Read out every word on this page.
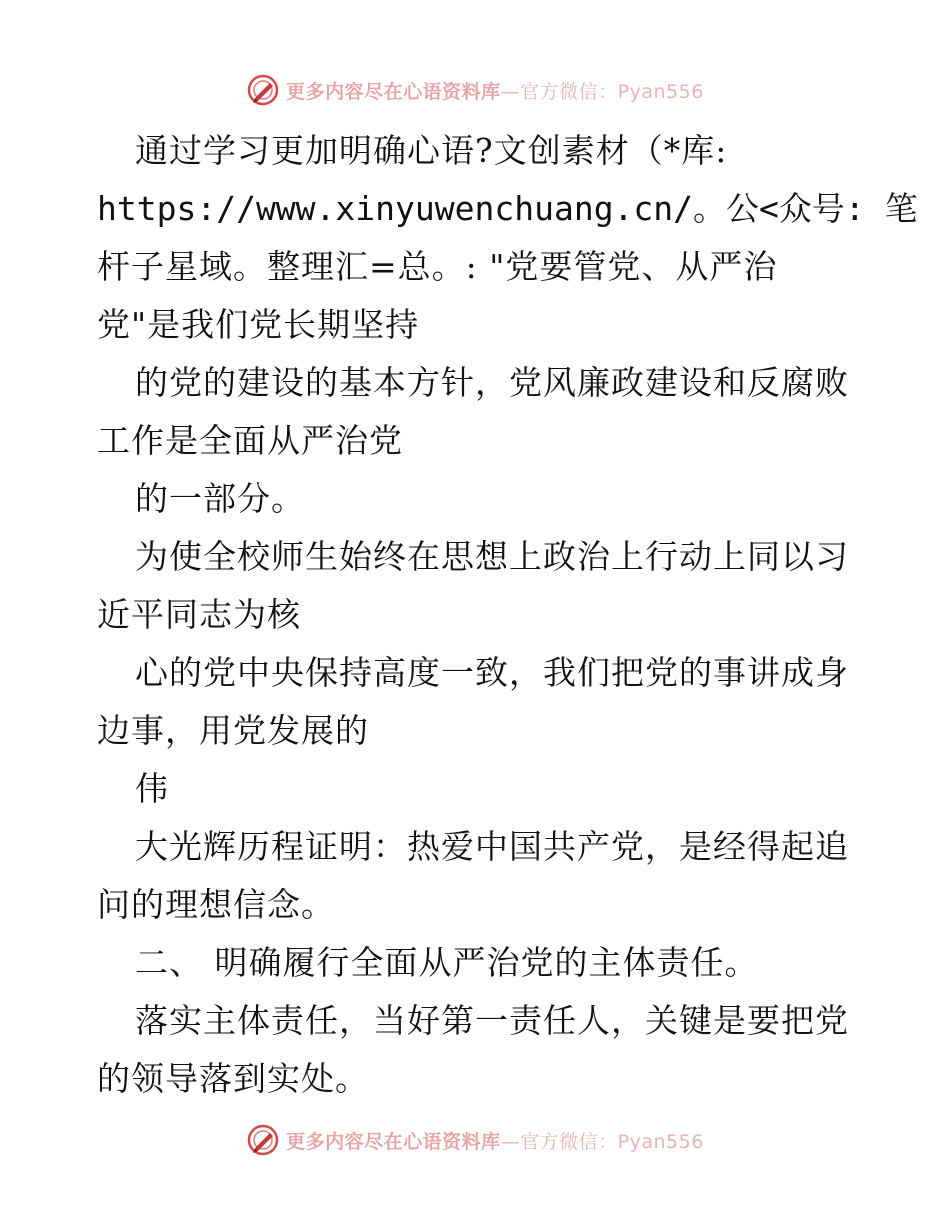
更多内容尽在心语资料库—官方微信：Pyan556
通过学习更加明确心语?文创素材（*库:
https://www.xinyuwenchuang.cn/。公<众号: 笔
杆子星域。整理汇=总。: "党要管党、从严治
党"是我们党长期坚持
的党的建设的基本方针，党风廉政建设和反腐败
工作是全面从严治党
的一部分。
为使全校师生始终在思想上政治上行动上同以习
近平同志为核
心的党中央保持高度一致，我们把党的事讲成身
边事，用党发展的
伟
大光辉历程证明：热爱中国共产党，是经得起追
问的理想信念。
二、 明确履行全面从严治党的主体责任。
落实主体责任，当好第一责任人，关键是要把党
的领导落到实处。
更多内容尽在心语资料库—官方微信：Pyan556
